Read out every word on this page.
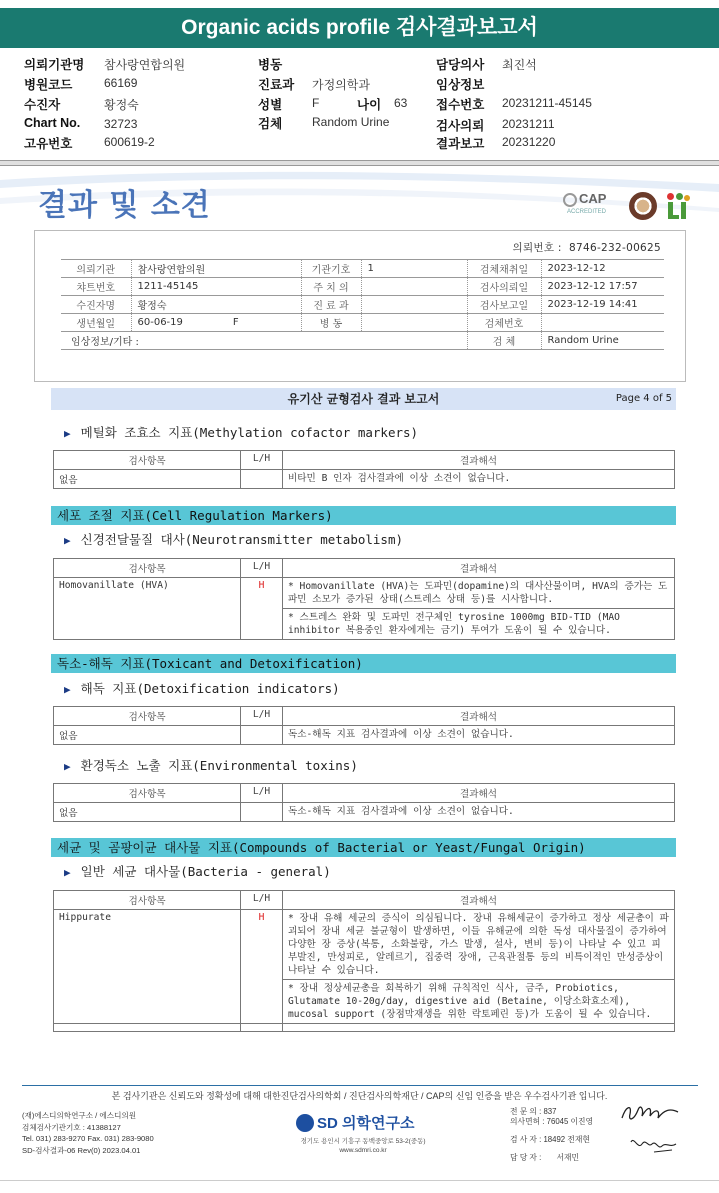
Organic acids profile 검사결과보고서
의뢰기관명 참사랑연합의원
병원코드	66169
수진자	황정숙
Chart No. 32723
고유번호	600619-2
병동
진료과 가정의학과
성별 F	나이 63
검체 Random Urine
담당의사 최진석
임상정보
접수번호 20231211-45145
검사의뢰 20231211
결과보고 20231220
결과 및 소견	CAP
ACCREDITED
의뢰번호 : 8746-232-00625
의뢰기관	참사랑연합의원	기관기호	1	검체채취일	2023-12-12
챠트번호	1211-45145	주 치 의		검사의뢰일	2023-12-12 17:57
수진자명	황정숙	진 료 과		검사보고일	2023-12-19 14:41
생년월일	60-06-19 F	병 동		검체번호	
임상정보/기타 :				검 체	Random Urine
유기산 균형검사 결과 보고서	Page 4 of 5
▶ 메틸화 조효소 지표(Methylation cofactor markers)
검사항목	L/H	결과해석
없음		비타민 B 인자 검사결과에 이상 소견이 없습니다.
세포 조절 지표(Cell Regulation Markers)
▶ 신경전달물질 대사(Neurotransmitter metabolism)
검사항목	L/H	결과해석
Homovanillate (HVA)	H	* Homovanillate (HVA)는 도파민(dopamine)의 대사산물이며, HVA의 증가는 도파민 소모가 증가된 상태(스트레스 상태 등)를 시사합니다.
		* 스트레스 완화 및 도파민 전구체인 tyrosine 1000mg BID-TID (MAO inhibitor 복용중인 환자에게는 금기) 투여가 도움이 될 수 있습니다.
독소-해독 지표(Toxicant and Detoxification)
▶ 해독 지표(Detoxification indicators)
검사항목	L/H	결과해석
없음		독소-해독 지표 검사결과에 이상 소견이 없습니다.
▶ 환경독소 노출 지표(Environmental toxins)
검사항목	L/H	결과해석
없음		독소-해독 지표 검사결과에 이상 소견이 없습니다.
세균 및 곰팡이균 대사물 지표(Compounds of Bacterial or Yeast/Fungal Origin)
▶ 일반 세균 대사물(Bacteria - general)
검사항목	L/H	결과해석
Hippurate	H	* 장내 유해 세균의 증식이 의심됩니다. 장내 유해세균이 증가하고 정상 세균총이 파괴되어 장내 세균 불균형이 발생하면, 이들 유해균에 의한 독성 대사물질이 증가하여 다양한 장 증상(복통, 소화불량, 가스 발생, 설사, 변비 등)이 나타날 수 있고 피부발진, 만성피로, 알레르기, 집중력 장애, 근육관절통 등의 비특이적인 만성증상이 나타날 수 있습니다.
		* 장내 정상세균총을 회복하기 위해 규칙적인 식사, 금주, Probiotics, Glutamate 10-20g/day, digestive aid (Betaine, 이당소화효소제), mucosal support (장점막재생을 위한 락토페린 등)가 도움이 될 수 있습니다.

본 검사기관은 신뢰도와 정확성에 대해 대한진단검사의학회 / 진단검사의학재단 / CAP의 신임 인증을 받은 우수검사기관 입니다.
(재)에스디의학연구소 / 에스디의원
검체검사기관기호 : 41388127
Tel. 031) 283-9270 Fax. 031) 283-9080
SD-검사결과-06 Rev(0) 2023.04.01
SD 의학연구소
경기도 용인시 기흥구 동백중앙로 53-2(중동)
www.sdmri.co.kr
전 문 의 : 837
의사면허 : 76045 이진영
검 사 자 : 18492 전재현
담 당 자 : 서재민
